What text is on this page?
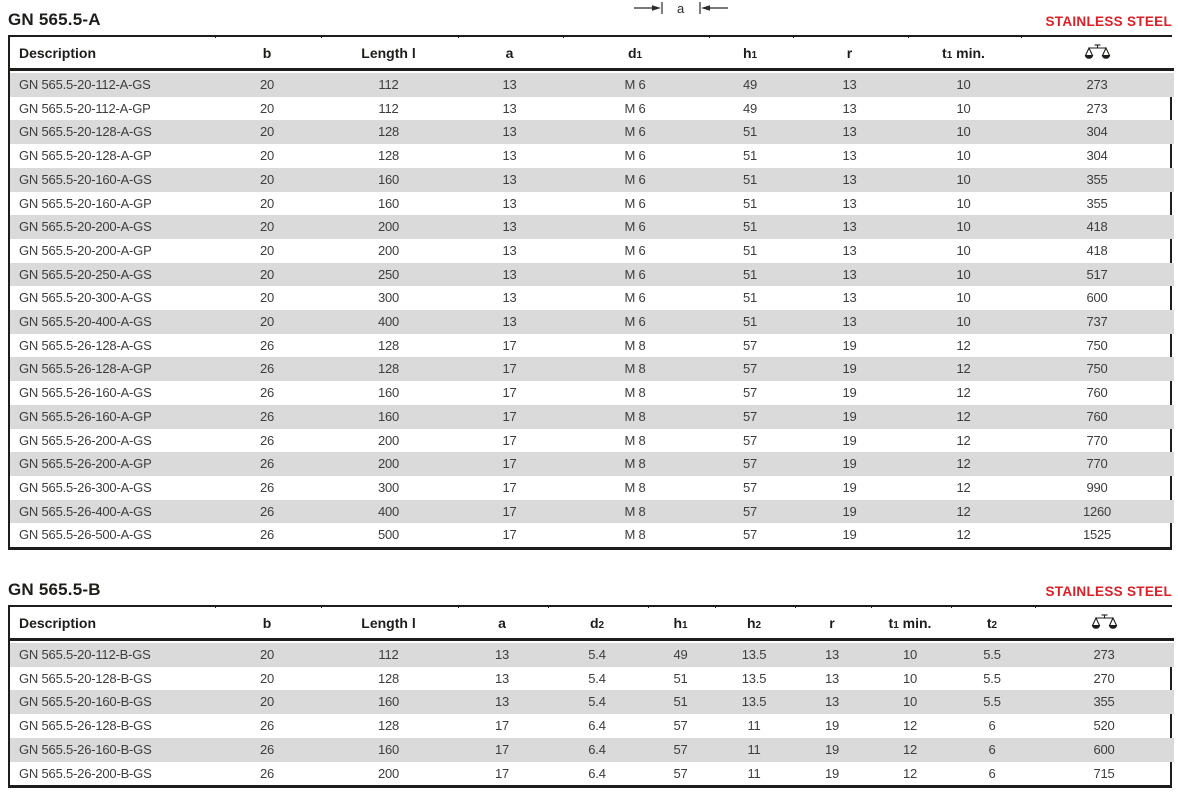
GN 565.5-A
a
STAINLESS STEEL
Description	b	Length l	a	d1	h1	r	t1 min.	
GN 565.5-20-112-A-GS	20	112	13	M 6	49	13	10	273
GN 565.5-20-112-A-GP	20	112	13	M 6	49	13	10	273
GN 565.5-20-128-A-GS	20	128	13	M 6	51	13	10	304
GN 565.5-20-128-A-GP	20	128	13	M 6	51	13	10	304
GN 565.5-20-160-A-GS	20	160	13	M 6	51	13	10	355
GN 565.5-20-160-A-GP	20	160	13	M 6	51	13	10	355
GN 565.5-20-200-A-GS	20	200	13	M 6	51	13	10	418
GN 565.5-20-200-A-GP	20	200	13	M 6	51	13	10	418
GN 565.5-20-250-A-GS	20	250	13	M 6	51	13	10	517
GN 565.5-20-300-A-GS	20	300	13	M 6	51	13	10	600
GN 565.5-20-400-A-GS	20	400	13	M 6	51	13	10	737
GN 565.5-26-128-A-GS	26	128	17	M 8	57	19	12	750
GN 565.5-26-128-A-GP	26	128	17	M 8	57	19	12	750
GN 565.5-26-160-A-GS	26	160	17	M 8	57	19	12	760
GN 565.5-26-160-A-GP	26	160	17	M 8	57	19	12	760
GN 565.5-26-200-A-GS	26	200	17	M 8	57	19	12	770
GN 565.5-26-200-A-GP	26	200	17	M 8	57	19	12	770
GN 565.5-26-300-A-GS	26	300	17	M 8	57	19	12	990
GN 565.5-26-400-A-GS	26	400	17	M 8	57	19	12	1260
GN 565.5-26-500-A-GS	26	500	17	M 8	57	19	12	1525
GN 565.5-B	STAINLESS STEEL
Description	b	Length l	a	d2	h1	h2	r	t1 min.	t2	
GN 565.5-20-112-B-GS	20	112	13	5.4	49	13.5	13	10	5.5	273
GN 565.5-20-128-B-GS	20	128	13	5.4	51	13.5	13	10	5.5	270
GN 565.5-20-160-B-GS	20	160	13	5.4	51	13.5	13	10	5.5	355
GN 565.5-26-128-B-GS	26	128	17	6.4	57	11	19	12	6	520
GN 565.5-26-160-B-GS	26	160	17	6.4	57	11	19	12	6	600
GN 565.5-26-200-B-GS	26	200	17	6.4	57	11	19	12	6	715
